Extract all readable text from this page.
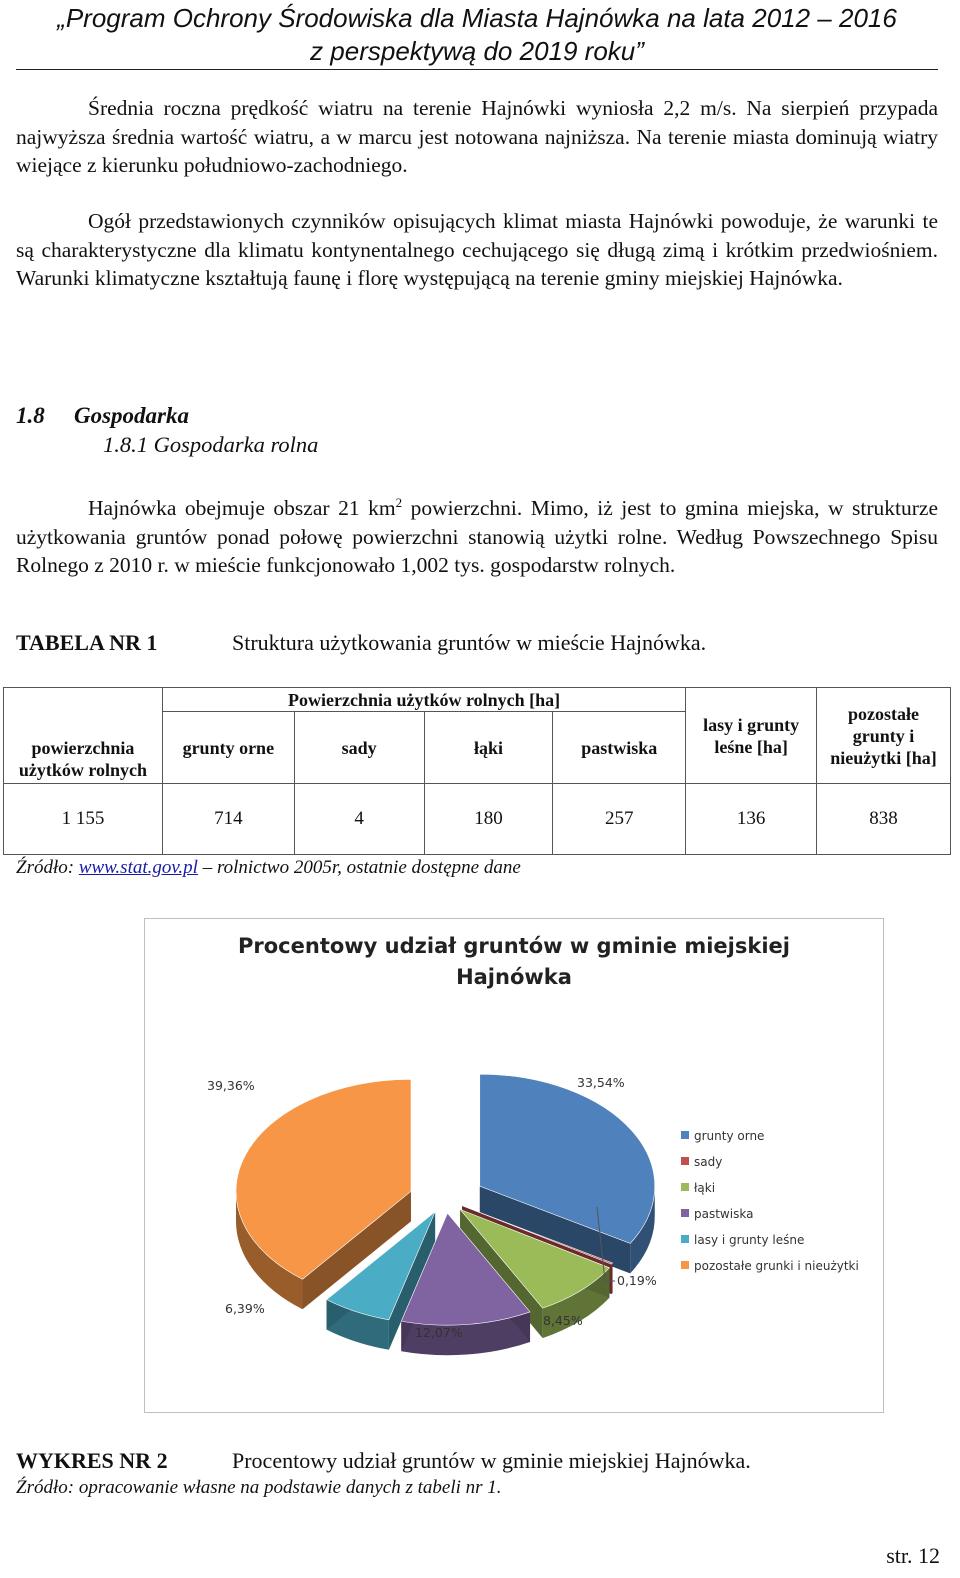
„Program Ochrony Środowiska dla Miasta Hajnówka na lata 2012 – 2016
z perspektywą do 2019 roku”

Średnia roczna prędkość wiatru na terenie Hajnówki wyniosła 2,2 m/s. Na sierpień przypada najwyższa średnia wartość wiatru, a w marcu jest notowana najniższa. Na terenie miasta dominują wiatry wiejące z kierunku południowo-zachodniego.

Ogół przedstawionych czynników opisujących klimat miasta Hajnówki powoduje, że warunki te są charakterystyczne dla klimatu kontynentalnego cechującego się długą zimą i krótkim przedwiośniem. Warunki klimatyczne kształtują faunę i florę występującą na terenie gminy miejskiej Hajnówka.

1.8 Gospodarka
1.8.1 Gospodarka rolna

Hajnówka obejmuje obszar 21 $km^2$ powierzchni. Mimo, iż jest to gmina miejska, w strukturze użytkowania gruntów ponad połowę powierzchni stanowią użytki rolne. Według Powszechnego Spisu Rolnego z 2010 r. w mieście funkcjonowało 1,002 tys. gospodarstw rolnych.

TABELA NR 1	Struktura użytkowania gruntów w mieście Hajnówka.
powierzchnia użytków rolnych	Powierzchnia użytków rolnych [ha]				lasy i grunty leśne [ha]	pozostałe grunty i nieużytki [ha]
	grunty orne	sady	łąki	pastwiska		
1 155	714	4	180	257	136	838
Źródło: www.stat.gov.pl – rolnictwo 2005r, ostatnie dostępne dane
Procentowy udział gruntów w gminie miejskiej
Hajnówka
33,54%
0,19%
8,45%
12,07%
6,39%
39,36%
grunty orne
sady
łąki
pastwiska
lasy i grunty leśne
pozostałe grunki i nieużytki
WYKRES NR 2	Procentowy udział gruntów w gminie miejskiej Hajnówka.
Źródło: opracowanie własne na podstawie danych z tabeli nr 1.
str. 12
